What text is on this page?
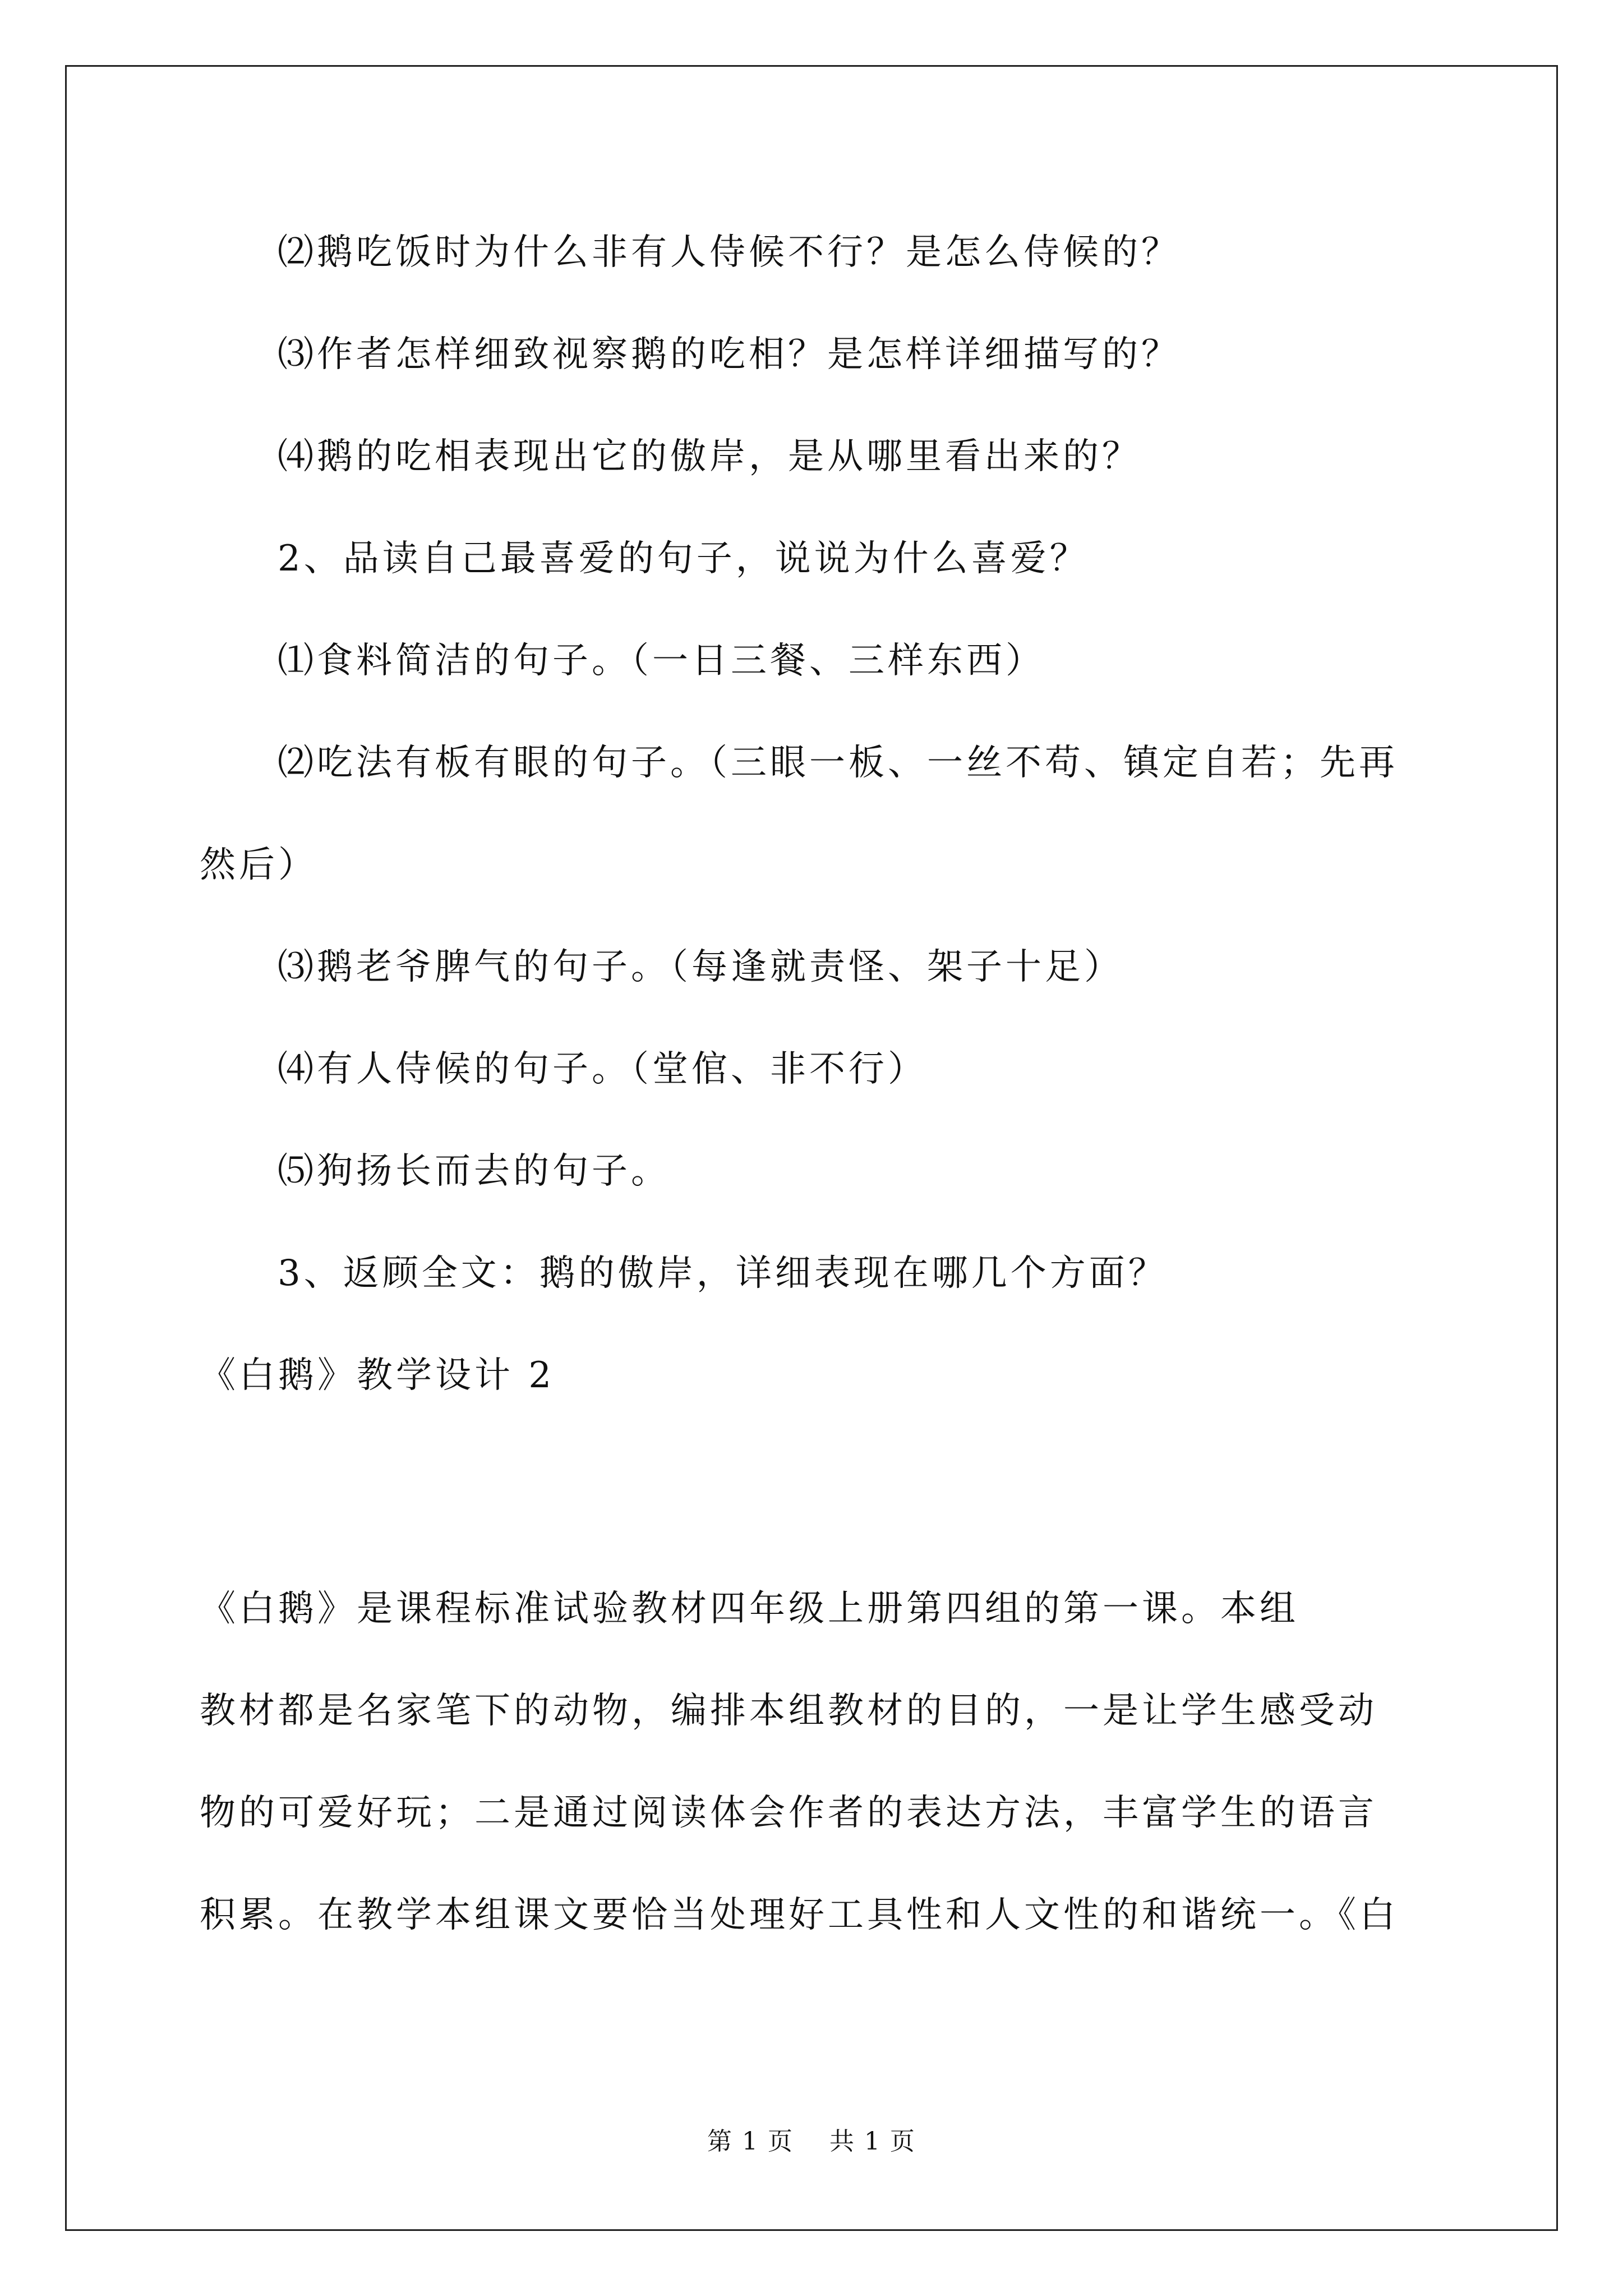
⑵鹅吃饭时为什么非有人侍候不行？是怎么侍候的？
⑶作者怎样细致视察鹅的吃相？是怎样详细描写的？
⑷鹅的吃相表现出它的傲岸，是从哪里看出来的？
2、品读自己最喜爱的句子，说说为什么喜爱？
⑴食料简洁的句子。（一日三餐、三样东西）
⑵吃法有板有眼的句子。（三眼一板、一丝不苟、镇定自若；先再
然后）
⑶鹅老爷脾气的句子。（每逢就责怪、架子十足）
⑷有人侍候的句子。（堂倌、非不行）
⑸狗扬长而去的句子。
3、返顾全文：鹅的傲岸，详细表现在哪几个方面？
《白鹅》教学设计 2
《白鹅》是课程标准试验教材四年级上册第四组的第一课。本组
教材都是名家笔下的动物，编排本组教材的目的，一是让学生感受动
物的可爱好玩；二是通过阅读体会作者的表达方法，丰富学生的语言
积累。在教学本组课文要恰当处理好工具性和人文性的和谐统一。《白
第 1 页    共 1 页
